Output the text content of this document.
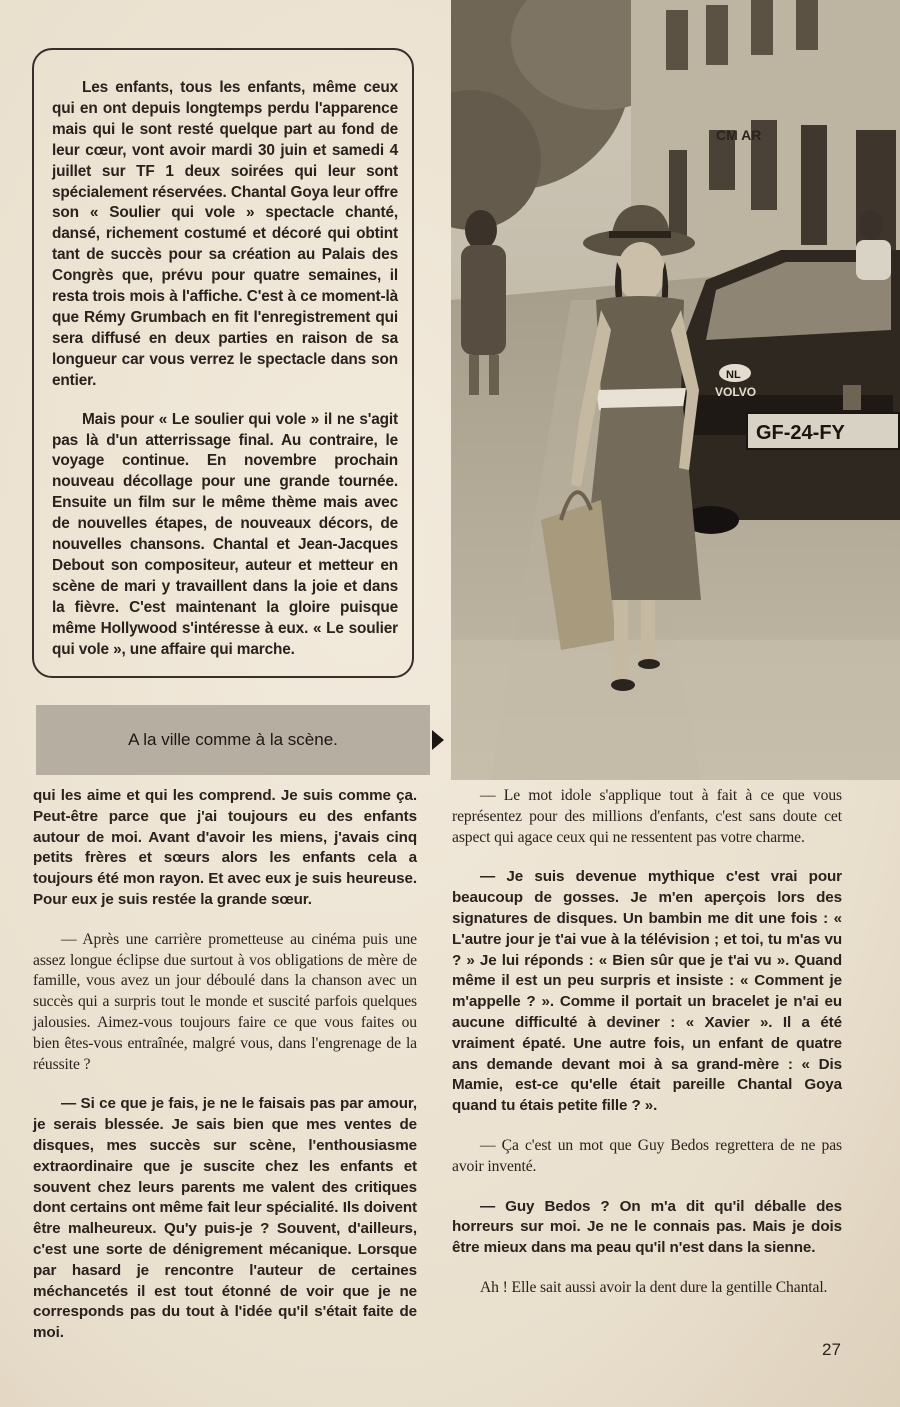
Les enfants, tous les enfants, même ceux qui en ont depuis longtemps perdu l'apparence mais qui le sont resté quelque part au fond de leur cœur, vont avoir mardi 30 juin et samedi 4 juillet sur TF 1 deux soirées qui leur sont spécialement réservées. Chantal Goya leur offre son « Soulier qui vole » spectacle chanté, dansé, richement costumé et décoré qui obtint tant de succès pour sa création au Palais des Congrès que, prévu pour quatre semaines, il resta trois mois à l'affiche. C'est à ce moment-là que Rémy Grumbach en fit l'enregistrement qui sera diffusé en deux parties en raison de sa longueur car vous verrez le spectacle dans son entier.

Mais pour « Le soulier qui vole » il ne s'agit pas là d'un atterrissage final. Au contraire, le voyage continue. En novembre prochain nouveau décollage pour une grande tournée. Ensuite un film sur le même thème mais avec de nouvelles étapes, de nouveaux décors, de nouvelles chansons. Chantal et Jean-Jacques Debout son compositeur, auteur et metteur en scène de mari y travaillent dans la joie et dans la fièvre. C'est maintenant la gloire puisque même Hollywood s'intéresse à eux. « Le soulier qui vole », une affaire qui marche.

CM AR
GF-24-FY
VOLVO
NL
A la ville comme à la scène.

qui les aime et qui les comprend. Je suis comme ça. Peut-être parce que j'ai toujours eu des enfants autour de moi. Avant d'avoir les miens, j'avais cinq petits frères et sœurs alors les enfants cela a toujours été mon rayon. Et avec eux je suis heureuse. Pour eux je suis restée la grande sœur.

— Après une carrière prometteuse au cinéma puis une assez longue éclipse due surtout à vos obligations de mère de famille, vous avez un jour déboulé dans la chanson avec un succès qui a surpris tout le monde et suscité parfois quelques jalousies. Aimez-vous toujours faire ce que vous faites ou bien êtes-vous entraînée, malgré vous, dans l'engrenage de la réussite ?

— Si ce que je fais, je ne le faisais pas par amour, je serais blessée. Je sais bien que mes ventes de disques, mes succès sur scène, l'enthousiasme extraordinaire que je suscite chez les enfants et souvent chez leurs parents me valent des critiques dont certains ont même fait leur spécialité. Ils doivent être malheureux. Qu'y puis-je ? Souvent, d'ailleurs, c'est une sorte de dénigrement mécanique. Lorsque par hasard je rencontre l'auteur de certaines méchancetés il est tout étonné de voir que je ne corresponds pas du tout à l'idée qu'il s'était faite de moi.

— Le mot idole s'applique tout à fait à ce que vous représentez pour des millions d'enfants, c'est sans doute cet aspect qui agace ceux qui ne ressentent pas votre charme.

— Je suis devenue mythique c'est vrai pour beaucoup de gosses. Je m'en aperçois lors des signatures de disques. Un bambin me dit une fois : « L'autre jour je t'ai vue à la télévision ; et toi, tu m'as vu ? » Je lui réponds : « Bien sûr que je t'ai vu ». Quand même il est un peu surpris et insiste : « Comment je m'appelle ? ». Comme il portait un bracelet je n'ai eu aucune difficulté à deviner : « Xavier ». Il a été vraiment épaté. Une autre fois, un enfant de quatre ans demande devant moi à sa grand-mère : « Dis Mamie, est-ce qu'elle était pareille Chantal Goya quand tu étais petite fille ? ».

— Ça c'est un mot que Guy Bedos regrettera de ne pas avoir inventé.

— Guy Bedos ? On m'a dit qu'il déballe des horreurs sur moi. Je ne le connais pas. Mais je dois être mieux dans ma peau qu'il n'est dans la sienne.

Ah ! Elle sait aussi avoir la dent dure la gentille Chantal.

27
